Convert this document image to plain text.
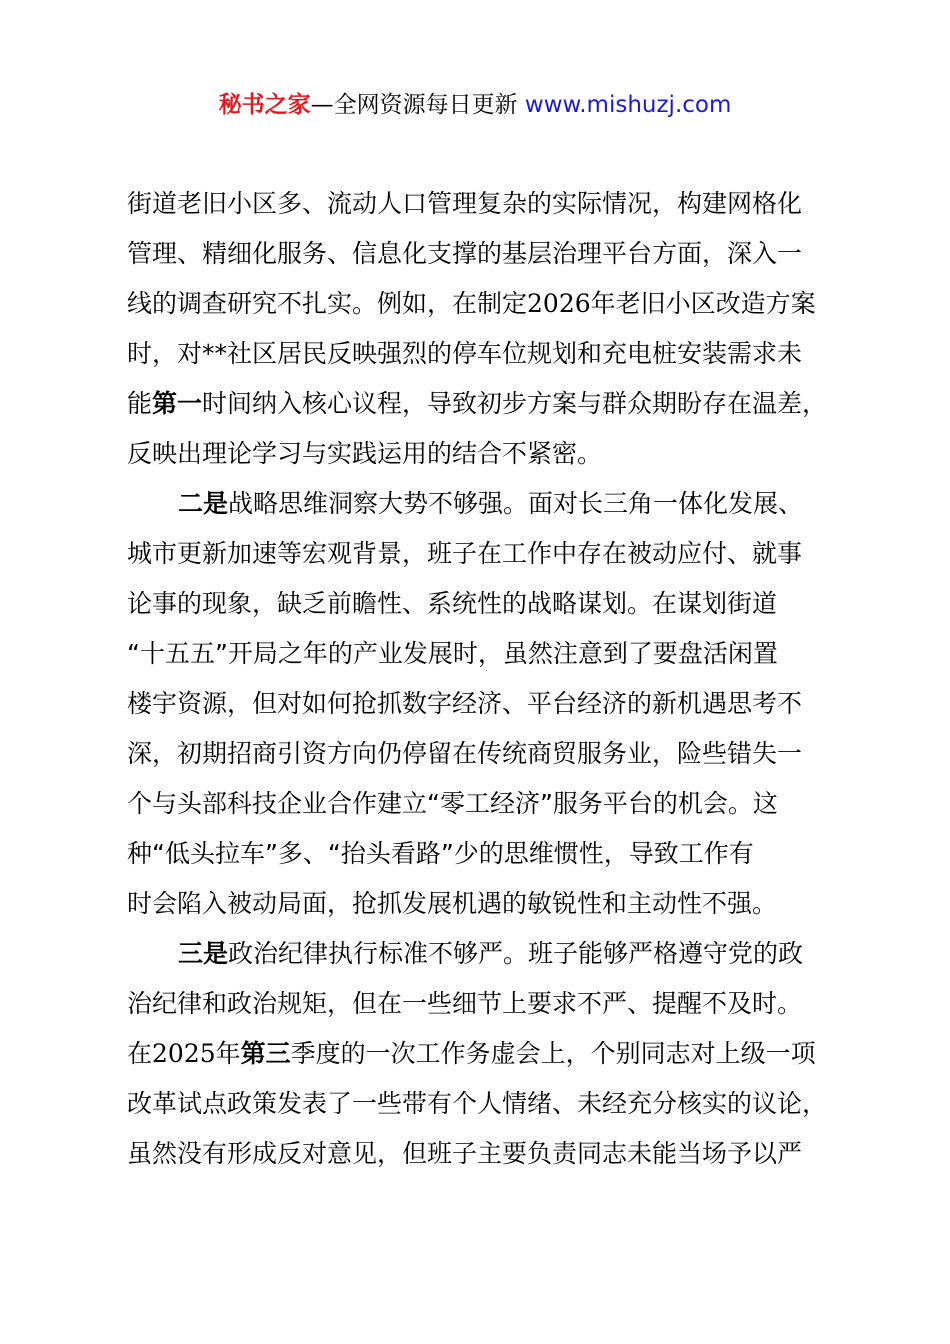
秘书之家—全网资源每日更新 www.mishuzj.com
街道老旧小区多、流动人口管理复杂的实际情况，构建网格化
管理、精细化服务、信息化支撑的基层治理平台方面，深入一
线的调查研究不扎实。例如，在制定2026年老旧小区改造方案
时，对**社区居民反映强烈的停车位规划和充电桩安装需求未
能第一时间纳入核心议程，导致初步方案与群众期盼存在温差，
反映出理论学习与实践运用的结合不紧密。
二是战略思维洞察大势不够强。面对长三角一体化发展、
城市更新加速等宏观背景，班子在工作中存在被动应付、就事
论事的现象，缺乏前瞻性、系统性的战略谋划。在谋划街道
“十五五”开局之年的产业发展时，虽然注意到了要盘活闲置
楼宇资源，但对如何抢抓数字经济、平台经济的新机遇思考不
深，初期招商引资方向仍停留在传统商贸服务业，险些错失一
个与头部科技企业合作建立“零工经济”服务平台的机会。这
种“低头拉车”多、“抬头看路”少的思维惯性，导致工作有
时会陷入被动局面，抢抓发展机遇的敏锐性和主动性不强。
三是政治纪律执行标准不够严。班子能够严格遵守党的政
治纪律和政治规矩，但在一些细节上要求不严、提醒不及时。
在2025年第三季度的一次工作务虚会上，个别同志对上级一项
改革试点政策发表了一些带有个人情绪、未经充分核实的议论，
虽然没有形成反对意见，但班子主要负责同志未能当场予以严
